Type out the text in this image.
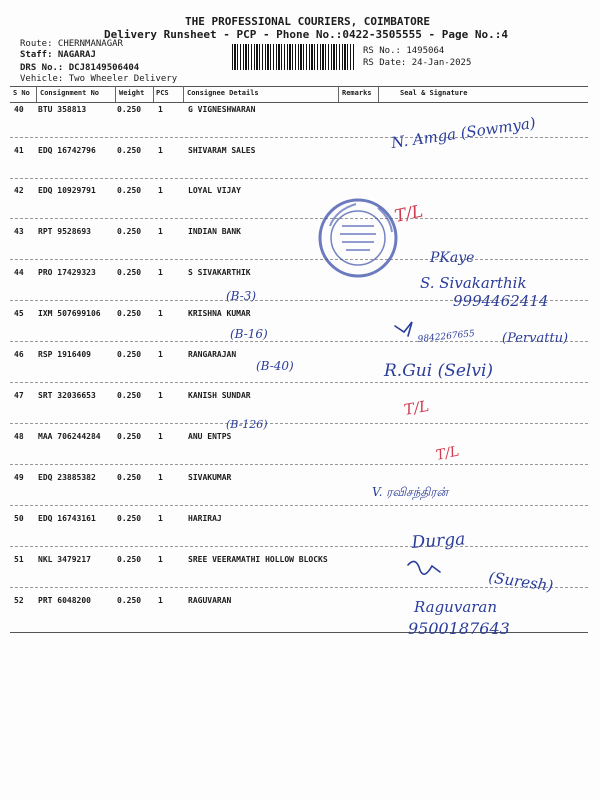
THE PROFESSIONAL COURIERS, COIMBATORE
Delivery Runsheet - PCP - Phone No.:0422-3505555 - Page No.:4
Route: CHERNMANAGAR
Staff: NAGARAJ
DRS No.: DCJ8149506404
Vehicle: Two Wheeler Delivery
RS No.: 1495064
RS Date: 24-Jan-2025
S No Consignment No	Weight PCS	Consignee Details	Remarks	Seal & Signature
40 BTU 358813	0.250 1	G VIGNESHWARAN
41 EDQ 16742796	0.250 1	SHIVARAM SALES
42 EDQ 10929791	0.250 1	LOYAL VIJAY
43 RPT 9528693	0.250 1	INDIAN BANK
44 PRO 17429323	0.250 1	S SIVAKARTHIK
45 IXM 507699106 0.250 1	KRISHNA KUMAR
46 RSP 1916409	0.250 1	RANGARAJAN
47 SRT 32036653	0.250 1	KANISH SUNDAR
48 MAA 706244284 0.250 1	ANU ENTPS
49 EDQ 23885382	0.250 1	SIVAKUMAR
50 EDQ 16743161	0.250 1	HARIRAJ
51 NKL 3479217	0.250 1	SREE VEERAMATHI HOLLOW BLOCKS
52 PRT 6048200	0.250 1	RAGUVARAN
N. Amga (Sowmya)
T/L
PKaye
(B-3)
S. Sivakarthik
9994462414
(B-16)	9842267655 (Pervattu)
(B-40)	R.Gui (Selvi)
T/L
(B-126)
T/L
V. ரவிசந்திரன்
Durga
(Suresh)
Raguvaran
9500187643
